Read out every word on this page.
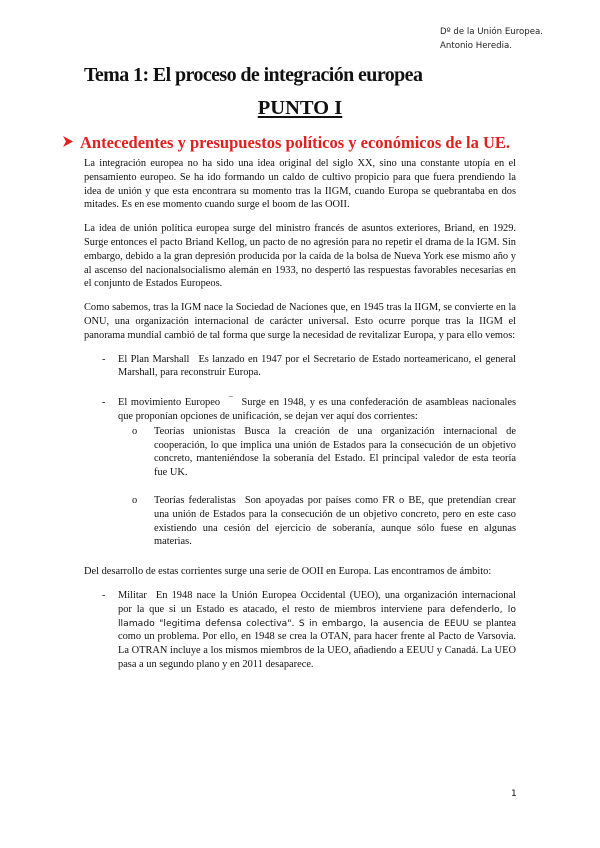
Dº de la Unión Europea.
Antonio Heredia.
Tema 1: El proceso de integración europea
PUNTO I
Antecedentes y presupuestos políticos y económicos de la UE.

La integración europea no ha sido una idea original del siglo XX, sino una constante utopía en el pensamiento europeo. Se ha ido formando un caldo de cultivo propicio para que fuera prendiendo la idea de unión y que esta encontrara su momento tras la IIGM, cuando Europa se quebrantaba en dos mitades. Es en ese momento cuando surge el boom de las OOII.

La idea de unión política europea surge del ministro francés de asuntos exteriores, Briand, en 1929. Surge entonces el pacto Briand Kellog, un pacto de no agresión para no repetir el drama de la IGM. Sin embargo, debido a la gran depresión producida por la caída de la bolsa de Nueva York ese mismo año y al ascenso del nacionalsocialismo alemán en 1933, no despertó las respuestas favorables necesarias en el conjunto de Estados Europeos.

Como sabemos, tras la IGM nace la Sociedad de Naciones que, en 1945 tras la IIGM, se convierte en la ONU, una organización internacional de carácter universal. Esto ocurre porque tras la IIGM el panorama mundial cambió de tal forma que surge la necesidad de revitalizar Europa, y para ello vemos:

- El Plan Marshall Es lanzado en 1947 por el Secretario de Estado norteamericano, el general Marshall, para reconstruir Europa.
- El movimiento Europeo ‾ Surge en 1948, y es una confederación de asambleas nacionales que proponían opciones de unificación, se dejan ver aquí dos corrientes:
o Teorías unionistas Busca la creación de una organización internacional de cooperación, lo que implica una unión de Estados para la consecución de un objetivo concreto, manteniéndose la soberanía del Estado. El principal valedor de esta teoría fue UK.
o Teorías federalistas Son apoyadas por países como FR o BE, que pretendían crear una unión de Estados para la consecución de un objetivo concreto, pero en este caso existiendo una cesión del ejercicio de soberanía, aunque sólo fuese en algunas materias.

Del desarrollo de estas corrientes surge una serie de OOII en Europa. Las encontramos de ámbito:

- Militar En 1948 nace la Unión Europea Occidental (UEO), una organización internacional por la que si un Estado es atacado, el resto de miembros interviene para defenderlo, lo llamado "legitima defensa colectiva". S in embargo, la ausencia de EEUU se plantea como un problema. Por ello, en 1948 se crea la OTAN, para hacer frente al Pacto de Varsovia. La OTRAN incluye a los mismos miembros de la UEO, añadiendo a EEUU y Canadá. La UEO pasa a un segundo plano y en 2011 desaparece.
1
